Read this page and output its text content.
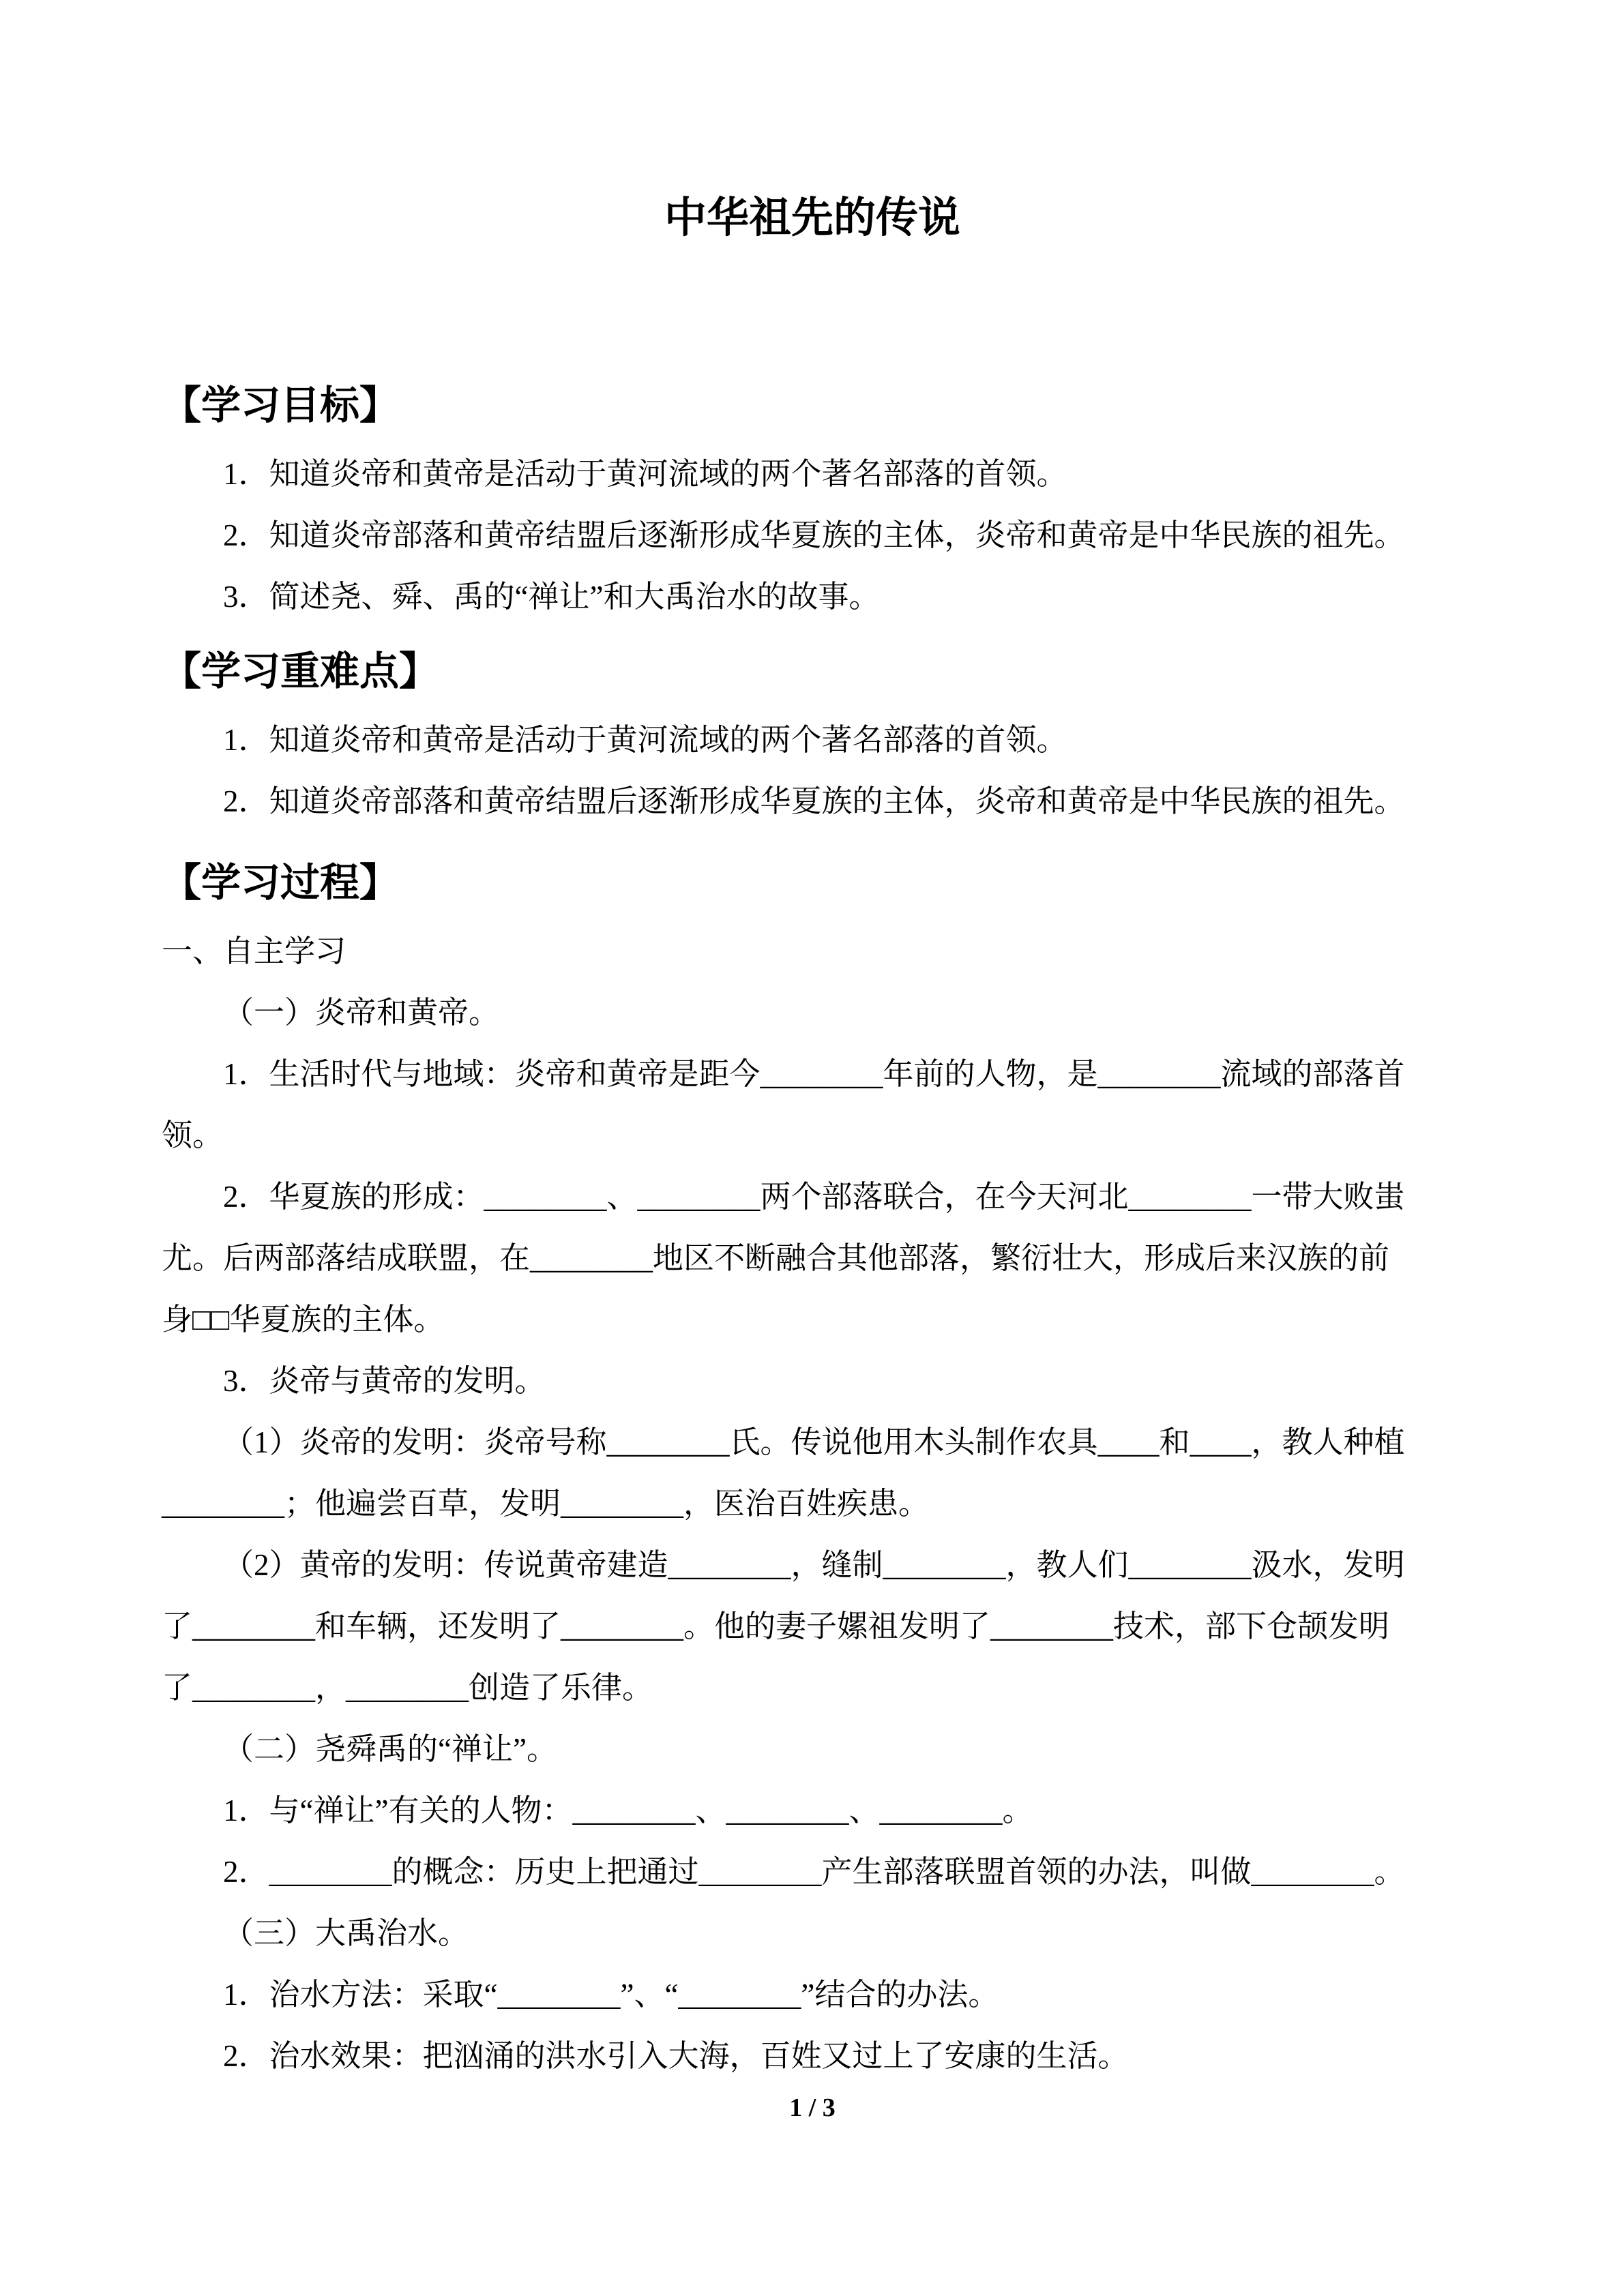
中华祖先的传说
【学习目标】

1．知道炎帝和黄帝是活动于黄河流域的两个著名部落的首领。

2．知道炎帝部落和黄帝结盟后逐渐形成华夏族的主体，炎帝和黄帝是中华民族的祖先。

3．简述尧、舜、禹的“禅让”和大禹治水的故事。

【学习重难点】

1．知道炎帝和黄帝是活动于黄河流域的两个著名部落的首领。

2．知道炎帝部落和黄帝结盟后逐渐形成华夏族的主体，炎帝和黄帝是中华民族的祖先。

【学习过程】

一、自主学习

（一）炎帝和黄帝。

1．生活时代与地域：炎帝和黄帝是距今________年前的人物，是________流域的部落首

领。

2．华夏族的形成：________、________两个部落联合，在今天河北________一带大败蚩

尤。后两部落结成联盟，在________地区不断融合其他部落，繁衍壮大，形成后来汉族的前

身□□华夏族的主体。

3．炎帝与黄帝的发明。

（1）炎帝的发明：炎帝号称________氏。传说他用木头制作农具____和____，教人种植

________；他遍尝百草，发明________，医治百姓疾患。

（2）黄帝的发明：传说黄帝建造________，缝制________，教人们________汲水，发明

了________和车辆，还发明了________。他的妻子嫘祖发明了________技术，部下仓颉发明

了________，________创造了乐律。

（二）尧舜禹的“禅让”。

1．与“禅让”有关的人物：________、________、________。

2．________的概念：历史上把通过________产生部落联盟首领的办法，叫做________。

（三）大禹治水。

1．治水方法：采取“________”、“________”结合的办法。

2．治水效果：把汹涌的洪水引入大海，百姓又过上了安康的生活。

1 / 3
